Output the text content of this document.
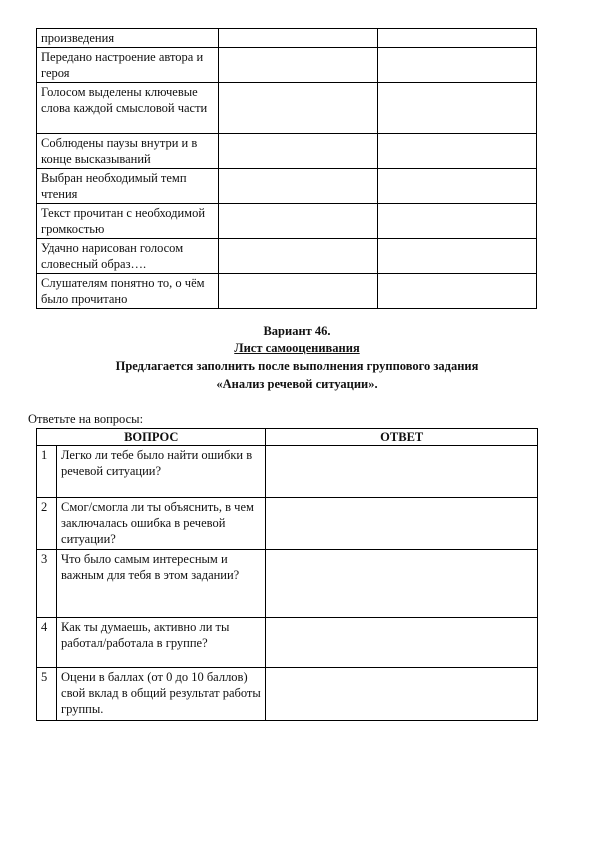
произведения		
Передано настроение автора и героя		
Голосом выделены ключевые слова каждой смысловой части		
Соблюдены паузы внутри и в конце высказываний		
Выбран необходимый темп чтения		
Текст прочитан с необходимой громкостью		
Удачно нарисован голосом словесный образ….		
Слушателям понятно то, о чём было прочитано		
Вариант 46.
Лист самооценивания
Предлагается заполнить после выполнения группового задания
«Анализ речевой ситуации».
Ответьте на вопросы:
ВОПРОС		ОТВЕТ
1	Легко ли тебе было найти ошибки в речевой ситуации?	
2	Смог/смогла ли ты объяснить, в чем заключалась ошибка в речевой ситуации?	
3	Что было самым интересным и важным для тебя в этом задании?	
4	Как ты думаешь, активно ли ты работал/работала в группе?	
5	Оцени в баллах (от 0 до 10 баллов) свой вклад в общий результат работы группы.	
